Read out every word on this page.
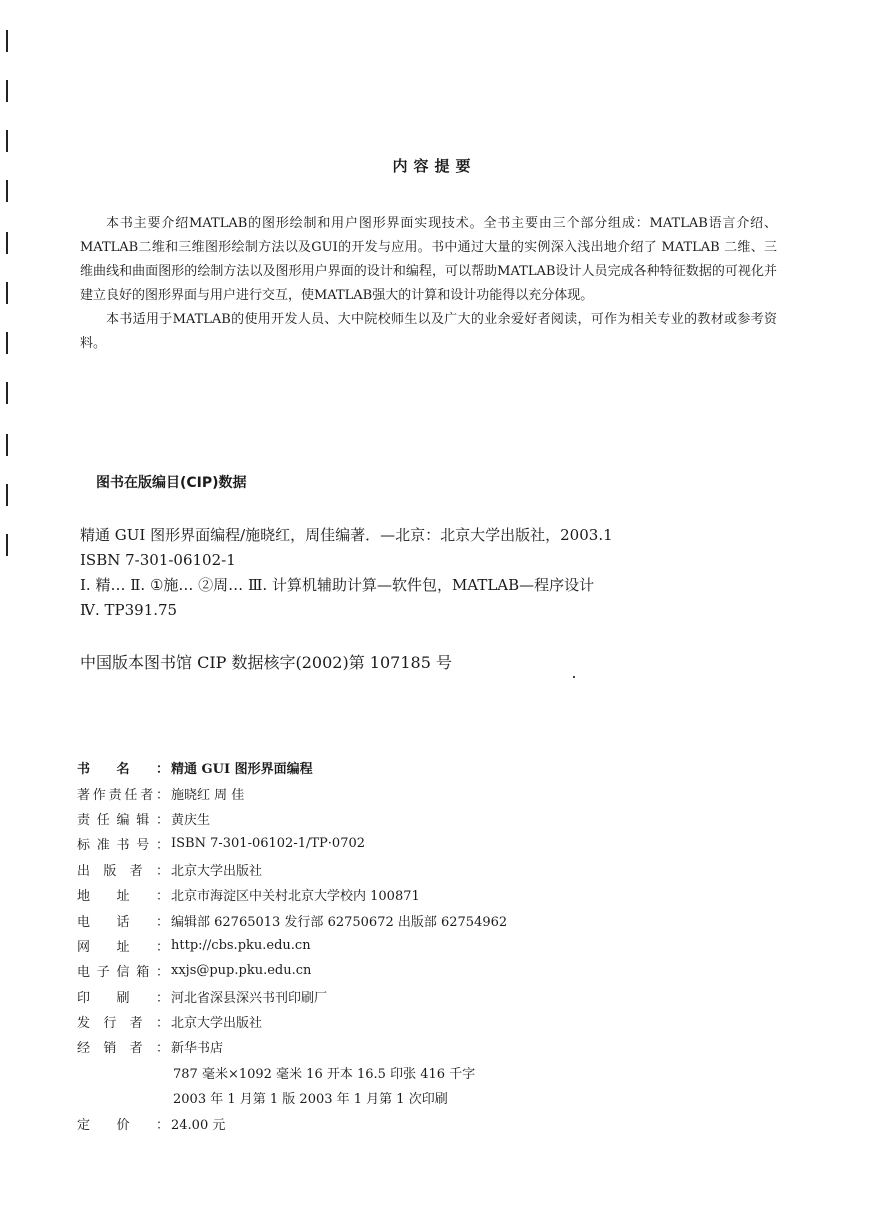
内容提要

本书主要介绍MATLAB的图形绘制和用户图形界面实现技术。全书主要由三个部分组成：MATLAB语言介绍、MATLAB二维和三维图形绘制方法以及GUI的开发与应用。书中通过大量的实例深入浅出地介绍了 MATLAB 二维、三维曲线和曲面图形的绘制方法以及图形用户界面的设计和编程，可以帮助MATLAB设计人员完成各种特征数据的可视化并建立良好的图形界面与用户进行交互，使MATLAB强大的计算和设计功能得以充分体现。

本书适用于MATLAB的使用开发人员、大中院校师生以及广大的业余爱好者阅读，可作为相关专业的教材或参考资料。

图书在版编目(CIP)数据
精通 GUI 图形界面编程/施晓红，周佳编著．—北京：北京大学出版社，2003.1
ISBN 7-301-06102-1
Ⅰ. 精… Ⅱ. ①施… ②周… Ⅲ. 计算机辅助计算—软件包，MATLAB—程序设计
Ⅳ. TP391.75
中国版本图书馆 CIP 数据核字(2002)第 107185 号
书 名 ： 精通 GUI 图形界面编程
著 作 责 任 者 ： 施晓红 周 佳
责 任 编 辑 ： 黄庆生
标 准 书 号 ： ISBN 7-301-06102-1/TP·0702
出 版 者 ： 北京大学出版社
地 址 ： 北京市海淀区中关村北京大学校内 100871
电 话 ： 编辑部 62765013 发行部 62750672 出版部 62754962
网 址 ： http://cbs.pku.edu.cn
电 子 信 箱 ： xxjs@pup.pku.edu.cn
印 刷 ： 河北省深县深兴书刊印刷厂
发 行 者 ： 北京大学出版社
经 销 者 ： 新华书店
787 毫米×1092 毫米 16 开本 16.5 印张 416 千字
2003 年 1 月第 1 版 2003 年 1 月第 1 次印刷
定 价 ： 24.00 元
